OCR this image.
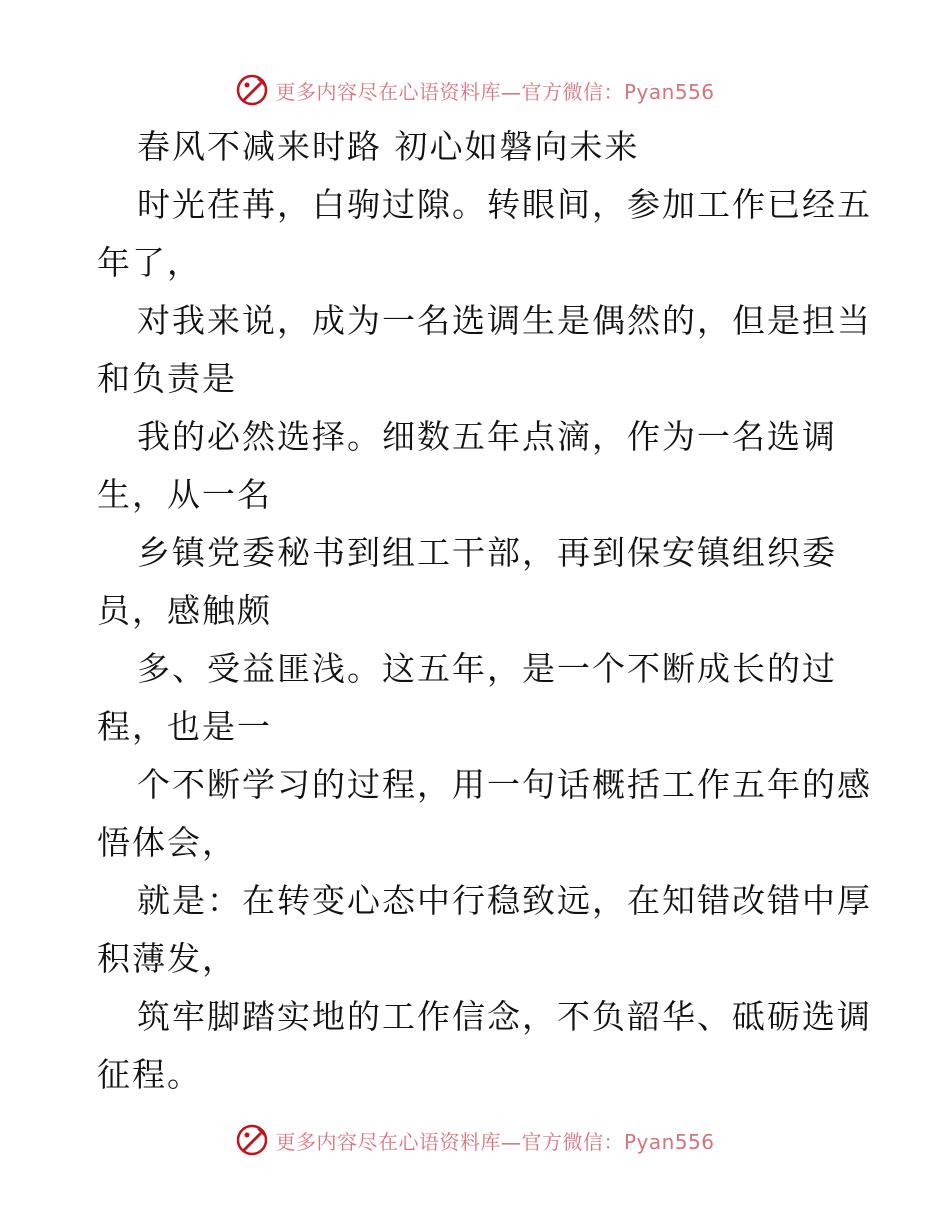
更多内容尽在心语资料库—官方微信：Pyan556
春风不减来时路 初心如磐向未来
时光荏苒，白驹过隙。转眼间，参加工作已经五
年了，
对我来说，成为一名选调生是偶然的，但是担当
和负责是
我的必然选择。细数五年点滴，作为一名选调
生，从一名
乡镇党委秘书到组工干部，再到保安镇组织委
员，感触颇
多、受益匪浅。这五年，是一个不断成长的过
程，也是一
个不断学习的过程，用一句话概括工作五年的感
悟体会，
就是：在转变心态中行稳致远，在知错改错中厚
积薄发，
筑牢脚踏实地的工作信念，不负韶华、砥砺选调
征程。
更多内容尽在心语资料库—官方微信：Pyan556
